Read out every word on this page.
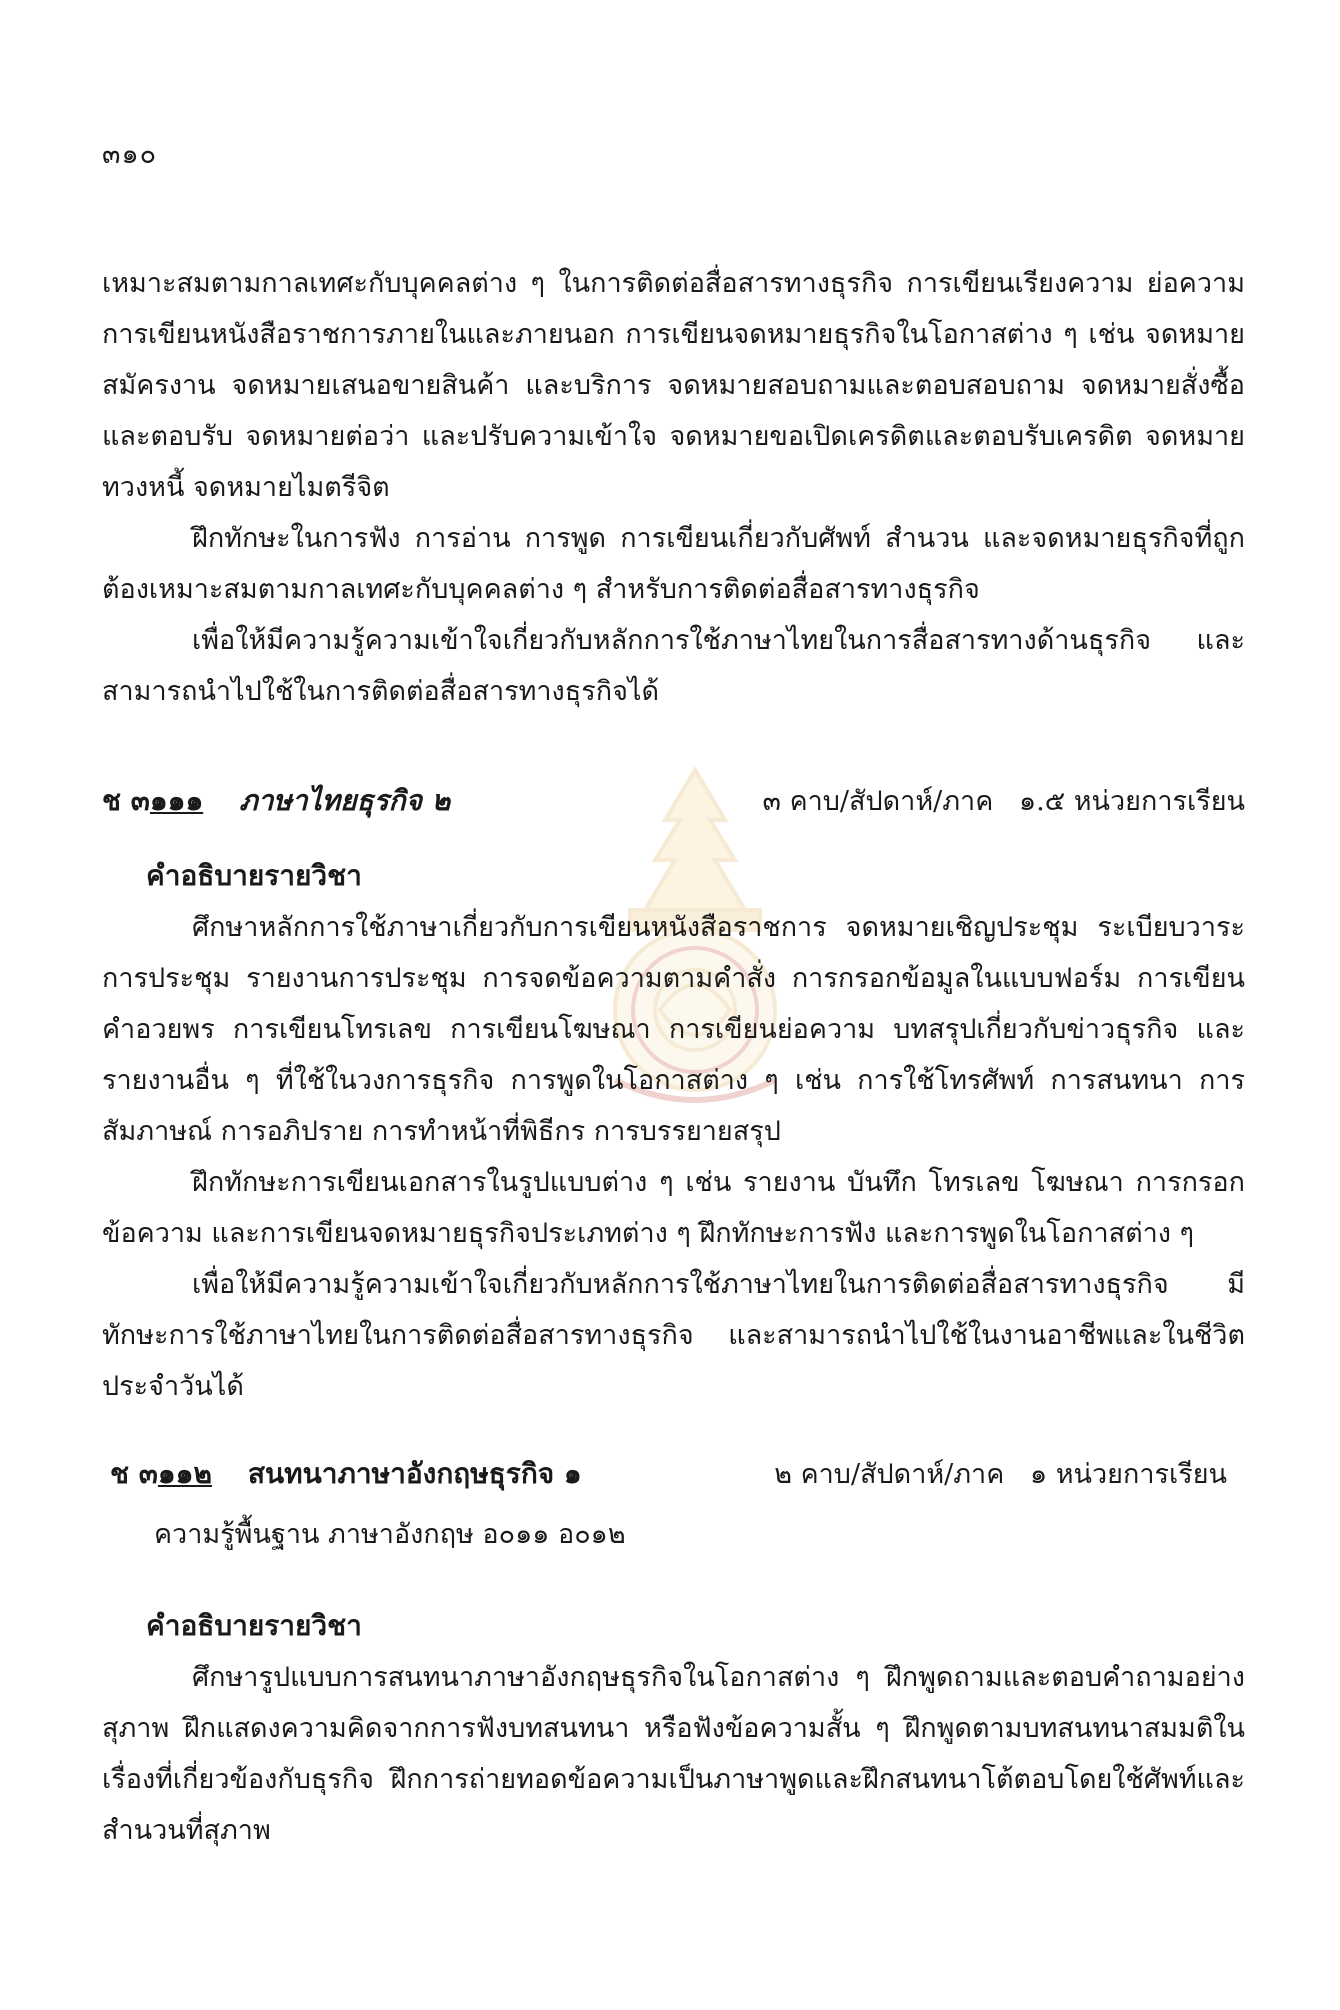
๓๑๐

เหมาะสมตามกาลเทศะกับบุคคลต่าง ๆ ในการติดต่อสื่อสารทางธุรกิจ การเขียนเรียงความ ย่อความ การเขียนหนังสือราชการภายในและภายนอก การเขียนจดหมายธุรกิจในโอกาสต่าง ๆ เช่น จดหมายสมัครงาน จดหมายเสนอขายสินค้า และบริการ จดหมายสอบถามและตอบสอบถาม จดหมายสั่งซื้อและตอบรับ จดหมายต่อว่า และปรับความเข้าใจ จดหมายขอเปิดเครดิตและตอบรับเครดิต จดหมายทวงหนี้ จดหมายไมตรีจิต

ฝึกทักษะในการฟัง การอ่าน การพูด การเขียนเกี่ยวกับศัพท์ สำนวน และจดหมายธุรกิจที่ถูกต้องเหมาะสมตามกาลเทศะกับบุคคลต่าง ๆ สำหรับการติดต่อสื่อสารทางธุรกิจ

เพื่อให้มีความรู้ความเข้าใจเกี่ยวกับหลักการใช้ภาษาไทยในการสื่อสารทางด้านธุรกิจ และสามารถนำไปใช้ในการติดต่อสื่อสารทางธุรกิจได้

ช ๓๑๑๑ ภาษาไทยธุรกิจ ๒	๓ คาบ/สัปดาห์/ภาค   ๑.๕ หน่วยการเรียน
คำอธิบายรายวิชา

ศึกษาหลักการใช้ภาษาเกี่ยวกับการเขียนหนังสือราชการ จดหมายเชิญประชุม ระเบียบวาระการประชุม รายงานการประชุม การจดข้อความตามคำสั่ง การกรอกข้อมูลในแบบฟอร์ม การเขียนคำอวยพร การเขียนโทรเลข การเขียนโฆษณา การเขียนย่อความ บทสรุปเกี่ยวกับข่าวธุรกิจ และรายงานอื่น ๆ ที่ใช้ในวงการธุรกิจ การพูดในโอกาสต่าง ๆ เช่น การใช้โทรศัพท์ การสนทนา การสัมภาษณ์ การอภิปราย การทำหน้าที่พิธีกร การบรรยายสรุป

ฝึกทักษะการเขียนเอกสารในรูปแบบต่าง ๆ เช่น รายงาน บันทึก โทรเลข โฆษณา การกรอกข้อความ และการเขียนจดหมายธุรกิจประเภทต่าง ๆ ฝึกทักษะการฟัง และการพูดในโอกาสต่าง ๆ

เพื่อให้มีความรู้ความเข้าใจเกี่ยวกับหลักการใช้ภาษาไทยในการติดต่อสื่อสารทางธุรกิจ มีทักษะการใช้ภาษาไทยในการติดต่อสื่อสารทางธุรกิจ และสามารถนำไปใช้ในงานอาชีพและในชีวิตประจำวันได้

ช ๓๑๑๒ สนทนาภาษาอังกฤษธุรกิจ ๑	๒ คาบ/สัปดาห์/ภาค   ๑ หน่วยการเรียน
ความรู้พื้นฐาน ภาษาอังกฤษ อ๐๑๑ อ๐๑๒
คำอธิบายรายวิชา

ศึกษารูปแบบการสนทนาภาษาอังกฤษธุรกิจในโอกาสต่าง ๆ ฝึกพูดถามและตอบคำถามอย่างสุภาพ ฝึกแสดงความคิดจากการฟังบทสนทนา หรือฟังข้อความสั้น ๆ ฝึกพูดตามบทสนทนาสมมติในเรื่องที่เกี่ยวข้องกับธุรกิจ ฝึกการถ่ายทอดข้อความเป็นภาษาพูดและฝึกสนทนาโต้ตอบโดยใช้ศัพท์และสำนวนที่สุภาพ
